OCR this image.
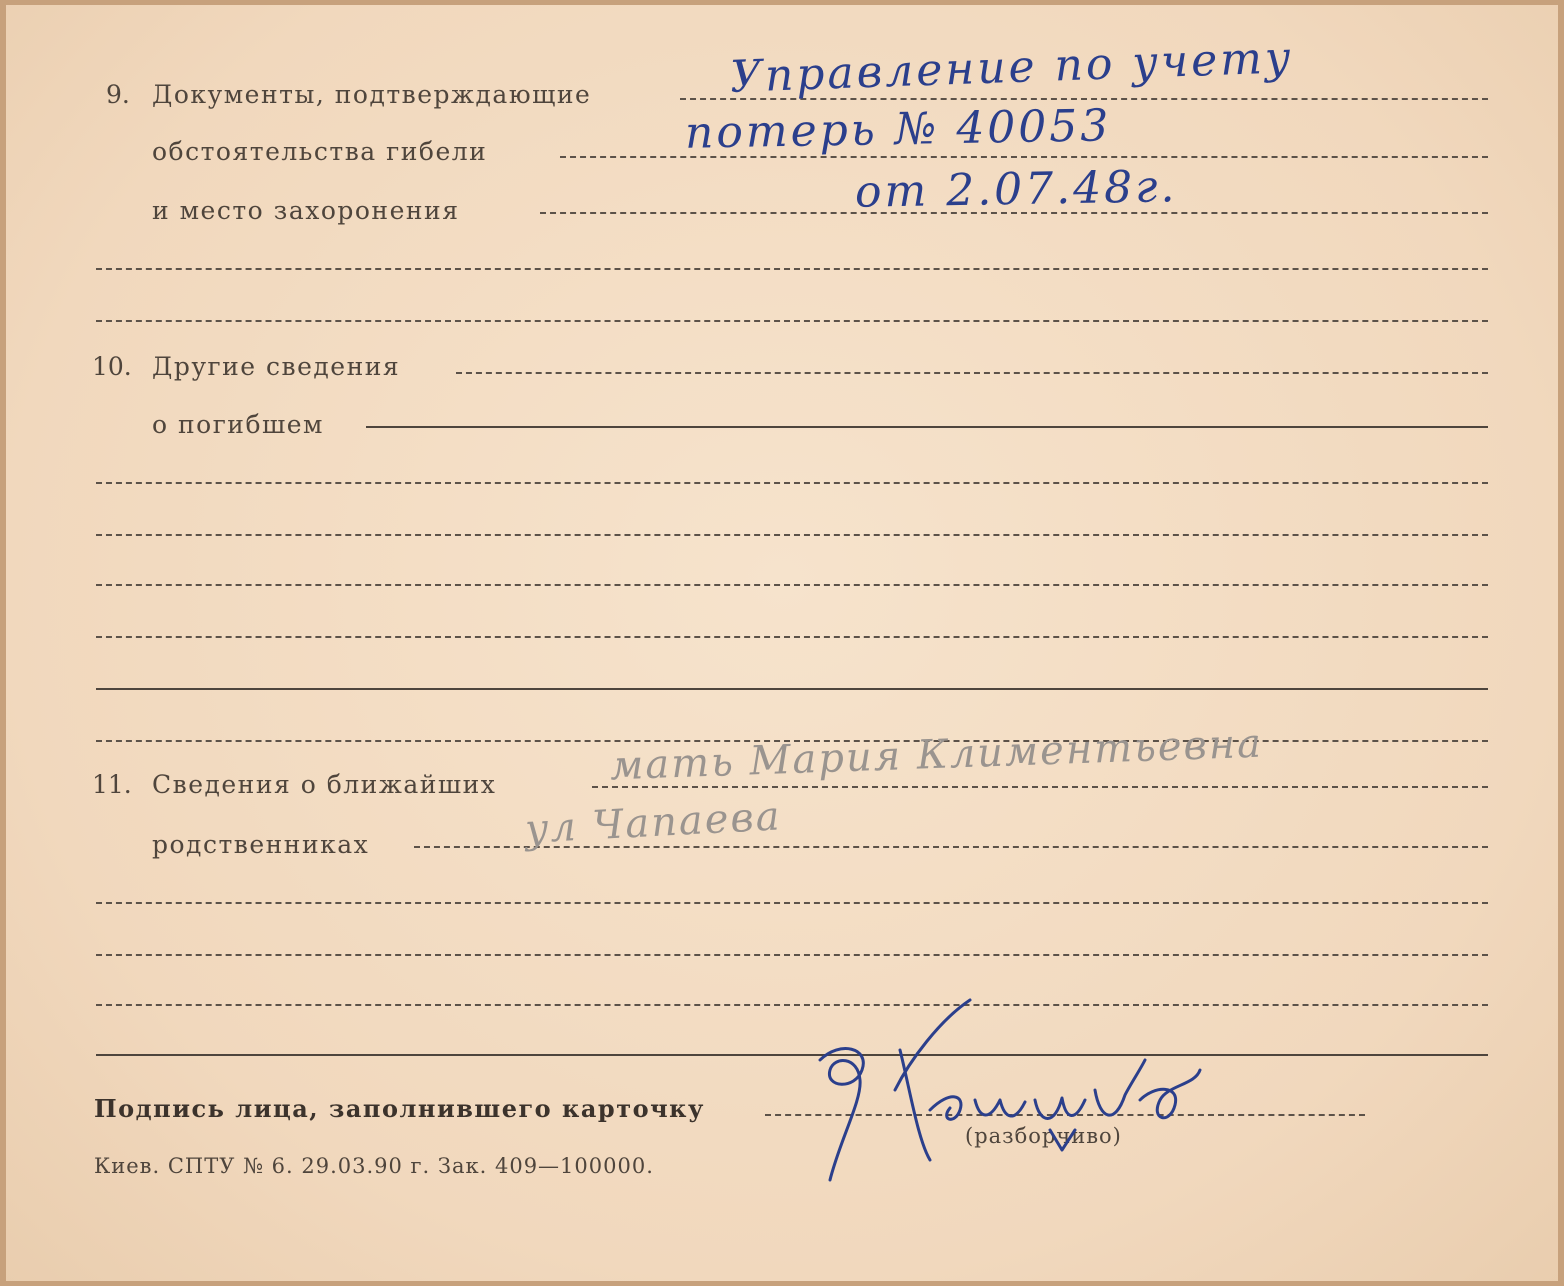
9. Документы, подтверждающие
обстоятельства гибели
и место захоронения
Управление по учету
потерь № 40053
от 2.07.48г.
10. Другие сведения
о погибшем
11. Сведения о ближайших
родственниках
мать Мария Климентьевна
ул Чапаева
Подпись лица, заполнившего карточку
(разборчиво)
Киев. СПТУ № 6. 29.03.90 г. Зак. 409—100000.
